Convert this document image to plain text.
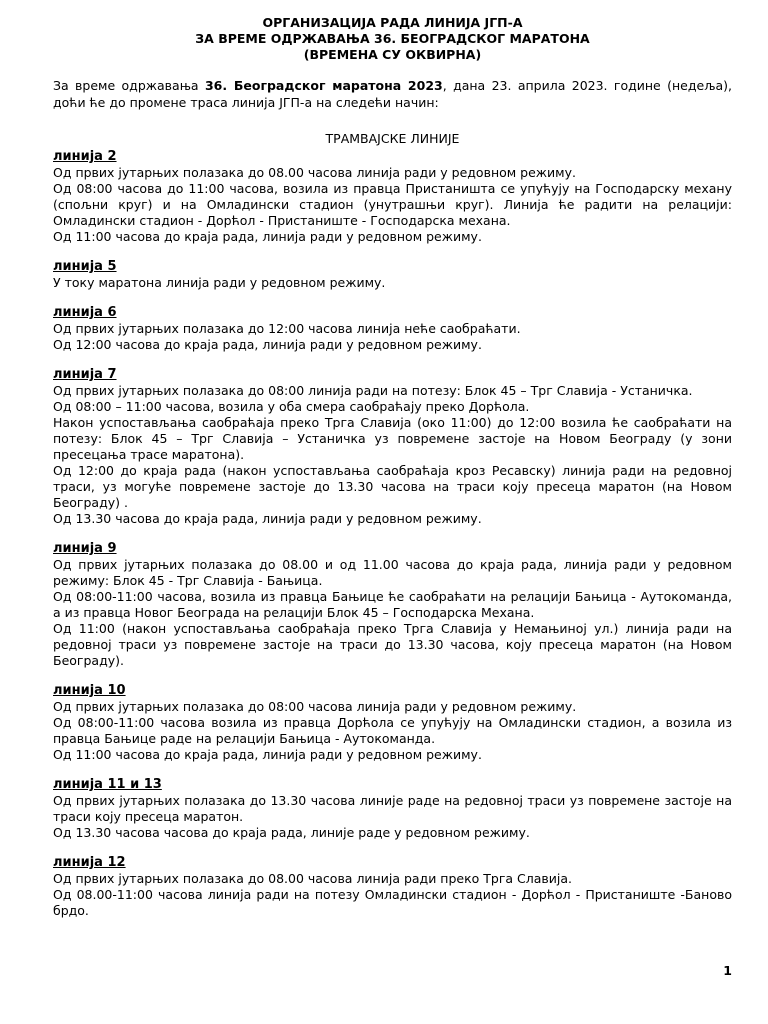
ОРГАНИЗАЦИЈА РАДА ЛИНИЈА ЈГП-А
ЗА ВРЕМЕ ОДРЖАВАЊА 36. БЕОГРАДСКОГ МАРАТОНА
(ВРЕМЕНА СУ ОКВИРНА)
За време одржавања 36. Београдског маратона 2023, дана 23. априла 2023. године (недеља), доћи ће до промене траса линија ЈГП-а на следећи начин:
ТРАМВАЈСКЕ ЛИНИЈЕ
линија 2
Од првих јутарњих полазака до 08.00 часова линија ради у редовном режиму.
Од 08:00 часова до 11:00 часова, возила из правца Пристаништа се упућују на Господарску механу (спољни круг) и на Омладински стадион (унутрашњи круг). Линија ће радити на релацији: Омладински стадион - Дорћол - Пристаниште - Господарска механа.
Од 11:00 часова до краја рада, линија ради у редовном режиму.
линија 5
У току маратона линија ради у редовном режиму.
линија 6
Од првих јутарњих полазака до 12:00 часова линија неће саобраћати.
Од 12:00 часова до краја рада, линија ради у редовном режиму.
линија 7
Од првих јутарњих полазака до 08:00 линија ради на потезу: Блок 45 – Трг Славија - Устаничка.
Од 08:00 – 11:00 часова, возила у оба смера саобраћају преко Дорћола.
Након успостављања саобраћаја преко Трга Славија (око 11:00) до 12:00 возила ће саобраћати на потезу: Блок 45 – Трг Славија – Устаничка уз повремене застоје на Новом Београду (у зони пресецања трасе маратона).
Од 12:00 до краја рада (након успостављања саобраћаја кроз Ресавску) линија ради на редовној траси, уз могуће повремене застоје до 13.30 часова на траси коју пресеца маратон (на Новом Београду) .
Од 13.30 часова до краја рада, линија ради у редовном режиму.
линија 9
Од првих јутарњих полазака до 08.00 и од 11.00 часова до краја рада, линија ради у редовном режиму: Блок 45 - Трг Славија - Бањица.
Од 08:00-11:00 часова, возила из правца Бањице ће саобраћати на релацији Бањица - Аутокоманда, а из правца Новог Београда на релацији Блок 45 – Господарска Механа.
Од 11:00 (након успостављања саобраћаја преко Трга Славија у Немањиној ул.) линија ради на редовној траси уз повремене застоје на траси до 13.30 часова, коју пресеца маратон (на Новом Београду).
линија 10
Од првих јутарњих полазака до 08:00 часова линија ради у редовном режиму.
Од 08:00-11:00 часова возила из правца Дорћола се упућују на Омладински стадион, а возила из правца Бањице раде на релацији Бањица - Аутокоманда.
Од 11:00 часова до краја рада, линија ради у редовном режиму.
линија 11 и 13
Од првих јутарњих полазака до 13.30 часова линије раде на редовној траси уз повремене застоје на траси коју пресеца маратон.
Од 13.30 часова часова до краја рада, линије раде у редовном режиму.
линија 12
Од првих јутарњих полазака до 08.00 часова линија ради преко Трга Славија.
Од 08.00-11:00 часова линија ради на потезу Омладински стадион - Дорћол - Пристаниште -Баново брдо.
1
